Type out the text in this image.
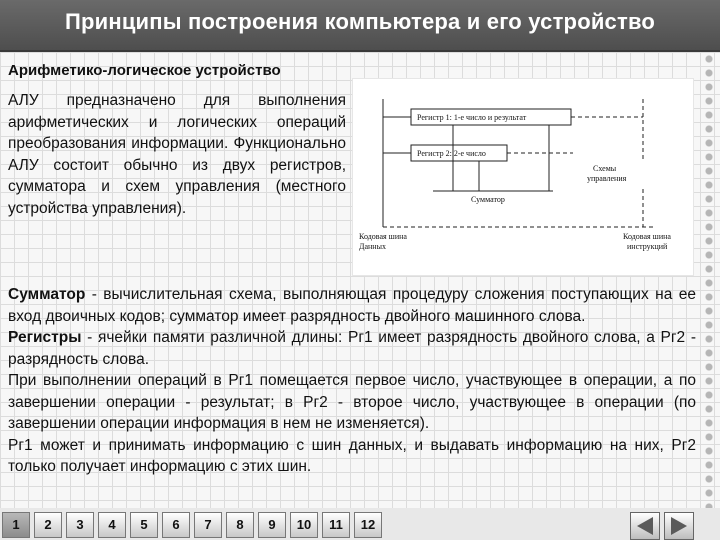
Принципы построения компьютера и его устройство
Арифметико-логическое устройство
АЛУ предназначено для выполнения арифметических и логических операций преобразования информации. Функционально АЛУ состоит обычно из двух регистров, сумматора и схем управления (местного устройства управления).
Регистр 1: 1-е число и результат
Регистр 2: 2-е число
Сумматор
Схемы
управления
Кодовая шина
Данных
Кодовая шина
инструкций
Сумматор - вычислительная схема, выполняющая процедуру сложения поступающих на ее вход двоичных кодов; сумматор имеет разрядность двойного машинного слова.
Регистры - ячейки памяти различной длины: Рг1 имеет разрядность двойного слова, а Рг2 - разрядность слова.
При выполнении операций в Рг1 помещается первое число, участвующее в операции, а по завершении операции - результат; в Рг2 - второе число, участвующее в операции (по завершении операции информация в нем не изменяется).
Рг1 может и принимать информацию с шин данных, и выдавать информацию на них, Рг2 только получает информацию с этих шин.
1	2	3	4	5	6	7	8	9	10	11	12
